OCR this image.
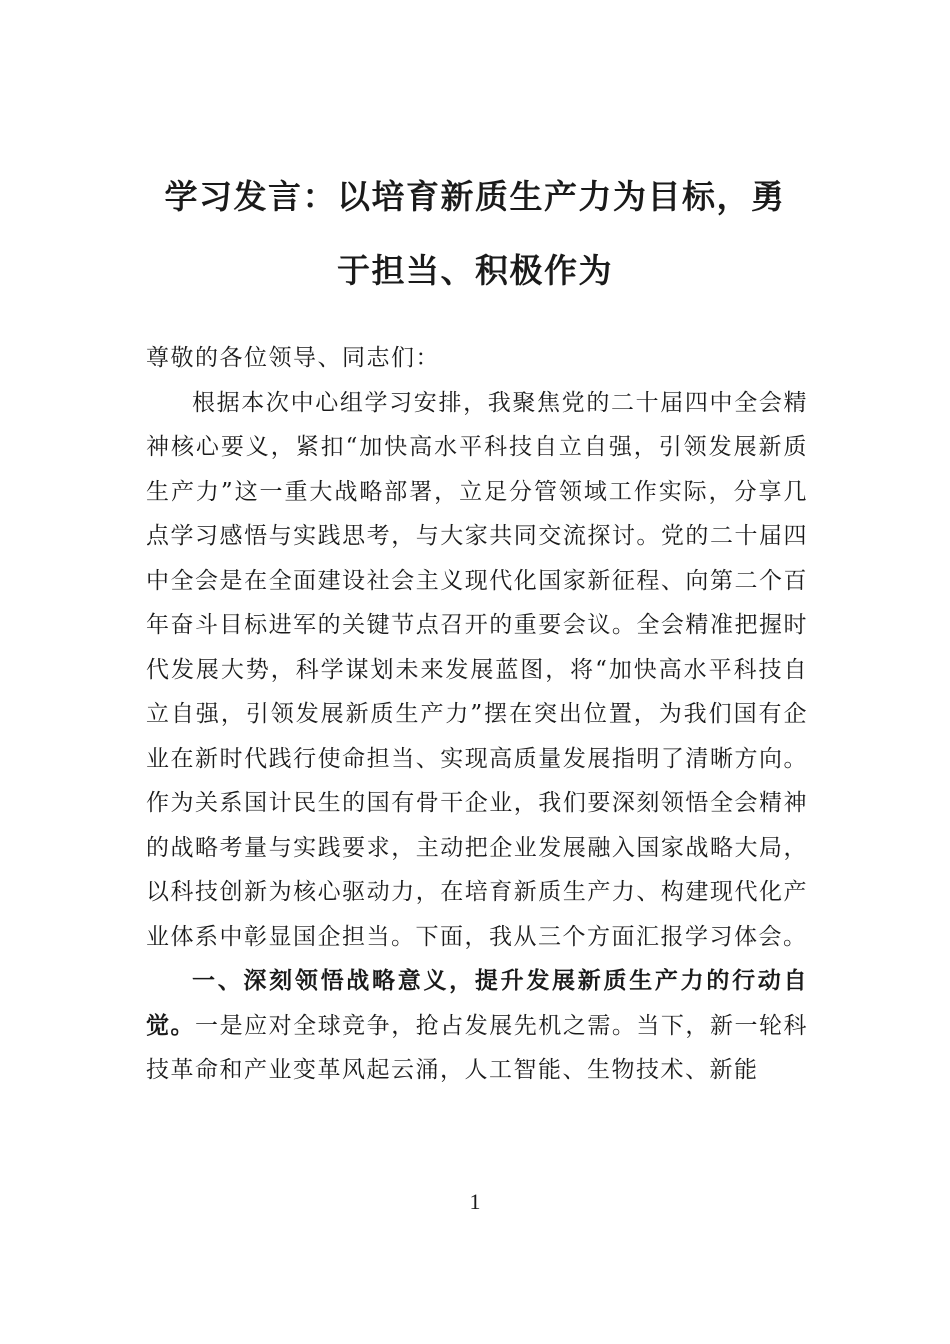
学习发言：以培育新质生产力为目标，勇
于担当、积极作为

尊敬的各位领导、同志们：

根据本次中心组学习安排，我聚焦党的二十届四中全会精神核心要义，紧扣“加快高水平科技自立自强，引领发展新质生产力”这一重大战略部署，立足分管领域工作实际，分享几点学习感悟与实践思考，与大家共同交流探讨。党的二十届四中全会是在全面建设社会主义现代化国家新征程、向第二个百年奋斗目标进军的关键节点召开的重要会议。全会精准把握时代发展大势，科学谋划未来发展蓝图，将“加快高水平科技自立自强，引领发展新质生产力”摆在突出位置，为我们国有企业在新时代践行使命担当、实现高质量发展指明了清晰方向。作为关系国计民生的国有骨干企业，我们要深刻领悟全会精神的战略考量与实践要求，主动把企业发展融入国家战略大局，以科技创新为核心驱动力，在培育新质生产力、构建现代化产业体系中彰显国企担当。下面，我从三个方面汇报学习体会。

一、深刻领悟战略意义，提升发展新质生产力的行动自觉。一是应对全球竞争，抢占发展先机之需。当下，新一轮科技革命和产业变革风起云涌，人工智能、生物技术、新能

1
